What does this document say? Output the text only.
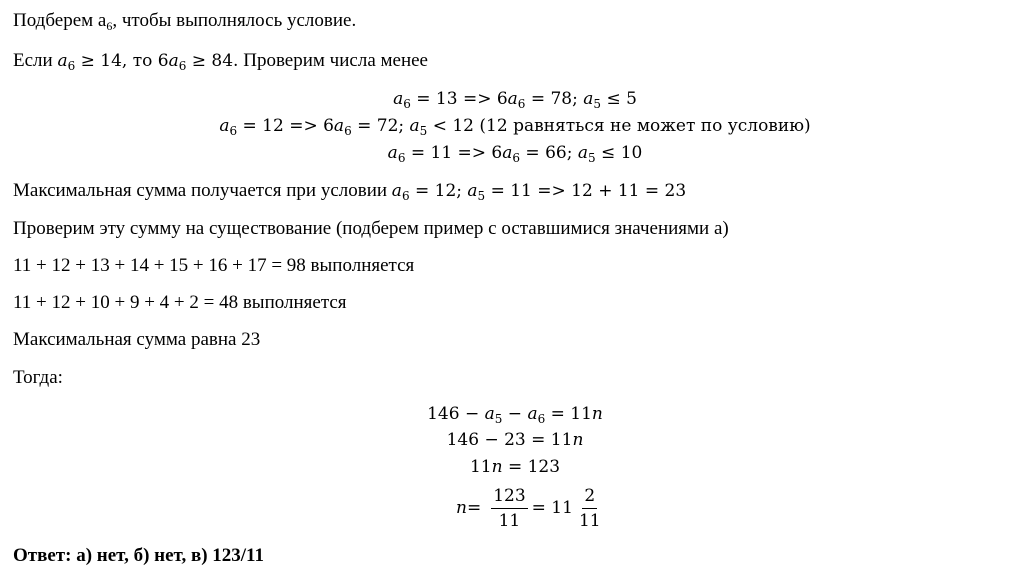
Подберем $a_6$, чтобы выполнялось условие.
Если $a_6 \ge 14$, то $6a_6 \ge 84$. Проверим числа менее
$a_6 = 13 => 6a_6 = 78$; $a_5 \le 5$
$a_6 = 12 => 6a_6 = 72$; $a_5 < 12$ (12 равняться не может по условию)
$a_6 = 11 => 6a_6 = 66$; $a_5 \le 10$
Максимальная сумма получается при условии $a_6 = 12$; $a_5 = 11 => 12 + 11 = 23$
Проверим эту сумму на существование (подберем пример с оставшимися значениями a)
11 + 12 + 13 + 14 + 15 + 16 + 17 = 98 выполняется
11 + 12 + 10 + 9 + 4 + 2 = 48 выполняется
Максимальная сумма равна 23
Тогда:
$146 - a_5 - a_6 = 11n$
146 − 23 = 11n
11n = 123
$n = \frac{123}{11} = 11 \frac{2}{11}$
Ответ: а) нет, б) нет, в) 123/11
